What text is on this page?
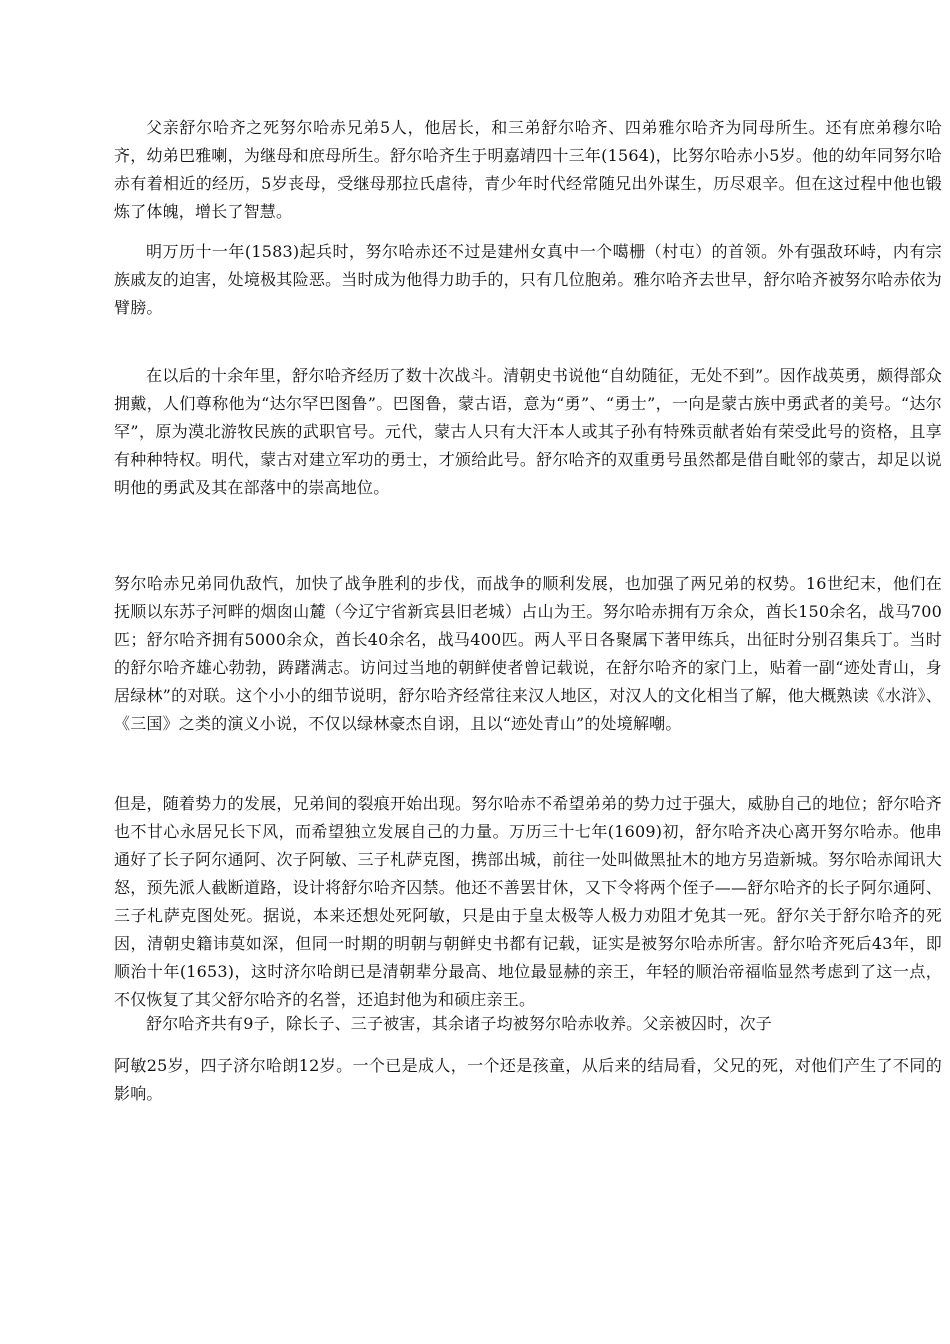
父亲舒尔哈齐之死努尔哈赤兄弟5人，他居长，和三弟舒尔哈齐、四弟雅尔哈齐为同母所生。还有庶弟穆尔哈齐，幼弟巴雅喇，为继母和庶母所生。舒尔哈齐生于明嘉靖四十三年(1564)，比努尔哈赤小5岁。他的幼年同努尔哈赤有着相近的经历，5岁丧母，受继母那拉氏虐待，青少年时代经常随兄出外谋生，历尽艰辛。但在这过程中他也锻炼了体魄，增长了智慧。

明万历十一年(1583)起兵时，努尔哈赤还不过是建州女真中一个噶栅（村屯）的首领。外有强敌环峙，内有宗族戚友的迫害，处境极其险恶。当时成为他得力助手的，只有几位胞弟。雅尔哈齐去世早，舒尔哈齐被努尔哈赤依为臂膀。

在以后的十余年里，舒尔哈齐经历了数十次战斗。清朝史书说他“自幼随征，无处不到”。因作战英勇，颇得部众拥戴，人们尊称他为“达尔罕巴图鲁”。巴图鲁，蒙古语，意为“勇”、“勇士”，一向是蒙古族中勇武者的美号。“达尔罕”，原为漠北游牧民族的武职官号。元代，蒙古人只有大汗本人或其子孙有特殊贡献者始有荣受此号的资格，且享有种种特权。明代，蒙古对建立军功的勇士，才颁给此号。舒尔哈齐的双重勇号虽然都是借自毗邻的蒙古，却足以说明他的勇武及其在部落中的崇高地位。

努尔哈赤兄弟同仇敌忾，加快了战争胜利的步伐，而战争的顺利发展，也加强了两兄弟的权势。16世纪末，他们在抚顺以东苏子河畔的烟囱山麓（今辽宁省新宾县旧老城）占山为王。努尔哈赤拥有万余众，酋长150余名，战马700匹；舒尔哈齐拥有5000余众，酋长40余名，战马400匹。两人平日各聚属下著甲练兵，出征时分别召集兵丁。当时的舒尔哈齐雄心勃勃，踌躇满志。访问过当地的朝鲜使者曾记载说，在舒尔哈齐的家门上，贴着一副“迹处青山，身居绿林”的对联。这个小小的细节说明，舒尔哈齐经常往来汉人地区，对汉人的文化相当了解，他大概熟读《水浒》、《三国》之类的演义小说，不仅以绿林豪杰自诩，且以“迹处青山”的处境解嘲。

但是，随着势力的发展，兄弟间的裂痕开始出现。努尔哈赤不希望弟弟的势力过于强大，威胁自己的地位；舒尔哈齐也不甘心永居兄长下风，而希望独立发展自己的力量。万历三十七年(1609)初，舒尔哈齐决心离开努尔哈赤。他串通好了长子阿尔通阿、次子阿敏、三子札萨克图，携部出城，前往一处叫做黑扯木的地方另造新城。努尔哈赤闻讯大怒，预先派人截断道路，设计将舒尔哈齐囚禁。他还不善罢甘休，又下令将两个侄子——舒尔哈齐的长子阿尔通阿、三子札萨克图处死。据说，本来还想处死阿敏，只是由于皇太极等人极力劝阻才免其一死。舒尔关于舒尔哈齐的死因，清朝史籍讳莫如深，但同一时期的明朝与朝鲜史书都有记载，证实是被努尔哈赤所害。舒尔哈齐死后43年，即顺治十年(1653)，这时济尔哈朗已是清朝辈分最高、地位最显赫的亲王，年轻的顺治帝福临显然考虑到了这一点，不仅恢复了其父舒尔哈齐的名誉，还追封他为和硕庄亲王。

舒尔哈齐共有9子，除长子、三子被害，其余诸子均被努尔哈赤收养。父亲被囚时，次子

阿敏25岁，四子济尔哈朗12岁。一个已是成人，一个还是孩童，从后来的结局看，父兄的死，对他们产生了不同的影响。
